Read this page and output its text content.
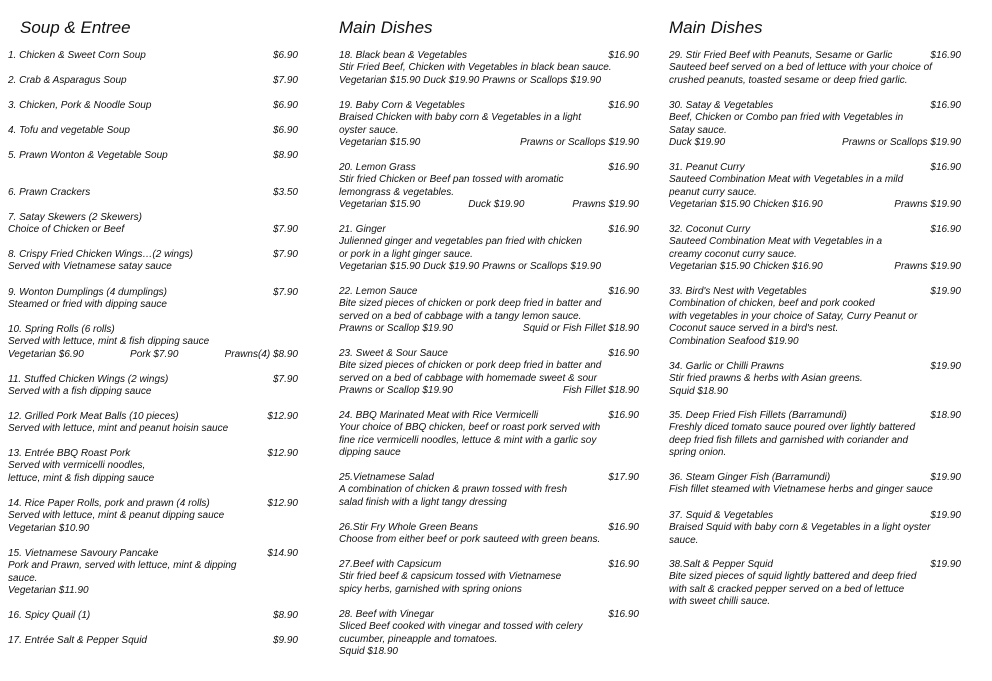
Soup & Entree
1. Chicken & Sweet Corn Soup	$6.90
2. Crab & Asparagus Soup	$7.90
3. Chicken, Pork & Noodle Soup	$6.90
4. Tofu and vegetable Soup	$6.90
5. Prawn Wonton & Vegetable Soup	$8.90
6. Prawn Crackers	$3.50
7. Satay Skewers (2 Skewers)
Choice of Chicken or Beef	$7.90
8. Crispy Fried Chicken Wings…(2 wings)	$7.90
Served with Vietnamese satay sauce
9. Wonton Dumplings (4 dumplings)	$7.90
Steamed or fried with dipping sauce
10. Spring Rolls (6 rolls)
Served with lettuce, mint & fish dipping sauce
Vegetarian $6.90	Pork $7.90	Prawns(4) $8.90
11. Stuffed Chicken Wings (2 wings)	$7.90
Served with a fish dipping sauce
12. Grilled Pork Meat Balls (10 pieces)	$12.90
Served with lettuce, mint and peanut hoisin sauce
13. Entrée BBQ Roast Pork	$12.90
Served with vermicelli noodles,
lettuce, mint & fish dipping sauce
14. Rice Paper Rolls, pork and prawn (4 rolls)	$12.90
Served with lettuce, mint & peanut dipping sauce
Vegetarian $10.90
15. Vietnamese Savoury Pancake	$14.90
Pork and Prawn, served with lettuce, mint & dipping
sauce.
Vegetarian $11.90
16. Spicy Quail (1)	$8.90
17. Entrée Salt & Pepper Squid	$9.90
Main Dishes
18. Black bean & Vegetables	$16.90
Stir Fried Beef, Chicken with Vegetables in black bean sauce.
Vegetarian $15.90 Duck $19.90 Prawns or Scallops $19.90
19. Baby Corn & Vegetables	$16.90
Braised Chicken with baby corn & Vegetables in a light
oyster sauce.
Vegetarian $15.90	Prawns or Scallops $19.90
20. Lemon Grass	$16.90
Stir fried Chicken or Beef pan tossed with aromatic
lemongrass & vegetables.
Vegetarian $15.90	Duck $19.90	Prawns $19.90
21. Ginger	$16.90
Julienned ginger and vegetables pan fried with chicken
or pork in a light ginger sauce.
Vegetarian $15.90 Duck $19.90 Prawns or Scallops $19.90
22. Lemon Sauce	$16.90
Bite sized pieces of chicken or pork deep fried in batter and
served on a bed of cabbage with a tangy lemon sauce.
Prawns or Scallop $19.90	Squid or Fish Fillet $18.90
23. Sweet & Sour Sauce	$16.90
Bite sized pieces of chicken or pork deep fried in batter and
served on a bed of cabbage with homemade sweet & sour
Prawns or Scallop $19.90	Fish Fillet $18.90
24. BBQ Marinated Meat with Rice Vermicelli	$16.90
Your choice of BBQ chicken, beef or roast pork served with
fine rice vermicelli noodles, lettuce & mint with a garlic soy
dipping sauce
25.Vietnamese Salad	$17.90
A combination of chicken & prawn tossed with fresh
salad finish with a light tangy dressing
26.Stir Fry Whole Green Beans	$16.90
Choose from either beef or pork sauteed with green beans.
27.Beef with Capsicum	$16.90
Stir fried beef & capsicum tossed with Vietnamese
spicy herbs, garnished with spring onions
28. Beef with Vinegar	$16.90
Sliced Beef cooked with vinegar and tossed with celery
cucumber, pineapple and tomatoes.
Squid $18.90
Main Dishes
29. Stir Fried Beef with Peanuts, Sesame or Garlic	$16.90
Sauteed beef served on a bed of lettuce with your choice of
crushed peanuts, toasted sesame or deep fried garlic.
30. Satay & Vegetables	$16.90
Beef, Chicken or Combo pan fried with Vegetables in
Satay sauce.
Duck $19.90	Prawns or Scallops $19.90
31. Peanut Curry	$16.90
Sauteed Combination Meat with Vegetables in a mild
peanut curry sauce.
Vegetarian $15.90 Chicken $16.90	Prawns $19.90
32. Coconut Curry	$16.90
Sauteed Combination Meat with Vegetables in a
creamy coconut curry sauce.
Vegetarian $15.90 Chicken $16.90	Prawns $19.90
33. Bird's Nest with Vegetables	$19.90
Combination of chicken, beef and pork cooked
with vegetables in your choice of Satay, Curry Peanut or
Coconut sauce served in a bird's nest.
Combination Seafood $19.90
34. Garlic or Chilli Prawns	$19.90
Stir fried prawns & herbs with Asian greens.
Squid $18.90
35. Deep Fried Fish Fillets (Barramundi)	$18.90
Freshly diced tomato sauce poured over lightly battered
deep fried fish fillets and garnished with coriander and
spring onion.
36. Steam Ginger Fish (Barramundi)	$19.90
Fish fillet steamed with Vietnamese herbs and ginger sauce
37. Squid & Vegetables	$19.90
Braised Squid with baby corn & Vegetables in a light oyster
sauce.
38.Salt & Pepper Squid	$19.90
Bite sized pieces of squid lightly battered and deep fried
with salt & cracked pepper served on a bed of lettuce
with sweet chilli sauce.
